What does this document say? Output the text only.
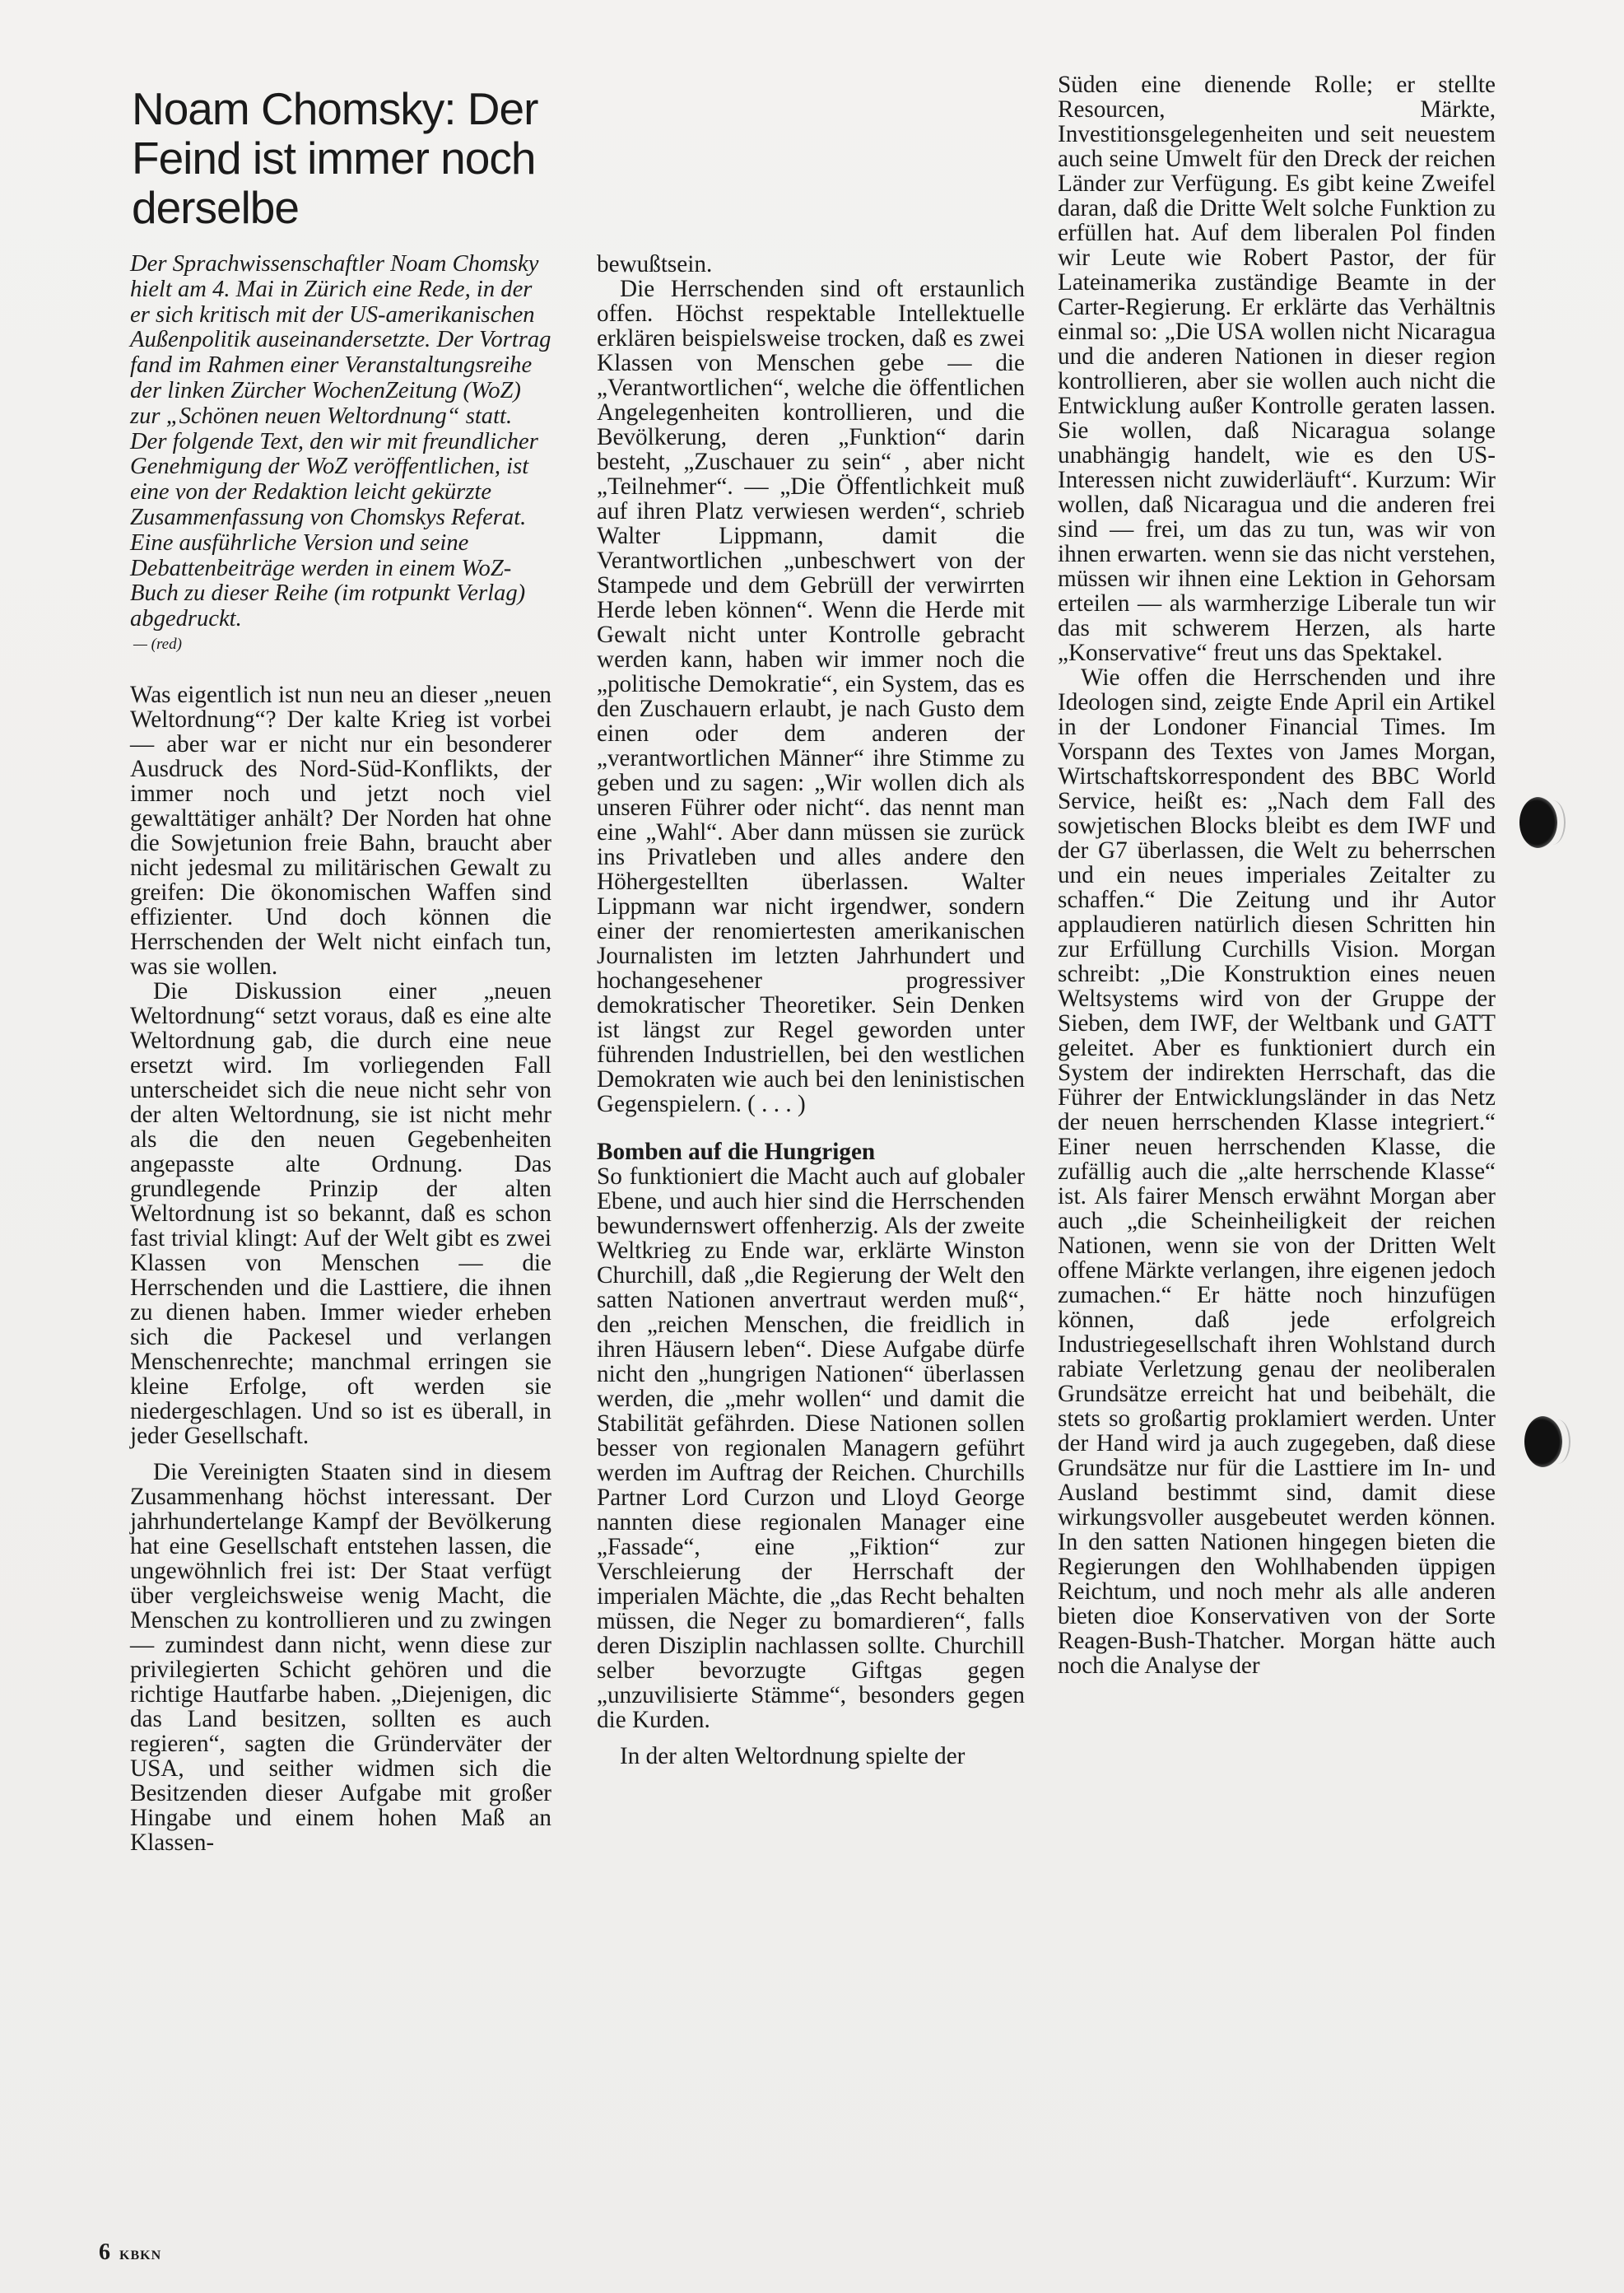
Noam Chomsky: Der Feind ist immer noch derselbe

Der Sprachwissenschaftler Noam Chomsky hielt am 4. Mai in Zürich eine Rede, in der er sich kritisch mit der US-amerikanischen Außenpolitik auseinandersetzte. Der Vortrag fand im Rahmen einer Veranstaltungsreihe der linken Zürcher WochenZeitung (WoZ) zur „Schönen neuen Weltordnung“ statt. Der folgende Text, den wir mit freundlicher Genehmigung der WoZ veröffentlichen, ist eine von der Redaktion leicht gekürzte Zusammenfassung von Chomskys Referat. Eine ausführliche Version und seine Debattenbeiträge werden in einem WoZ-Buch zu dieser Reihe (im rotpunkt Verlag) abgedruckt.
— (red)

Was eigentlich ist nun neu an dieser „neuen Weltordnung“? Der kalte Krieg ist vorbei — aber war er nicht nur ein besonderer Ausdruck des Nord-Süd-Konflikts, der immer noch und jetzt noch viel gewalttätiger anhält? Der Norden hat ohne die Sowjetunion freie Bahn, braucht aber nicht jedesmal zu militärischen Gewalt zu greifen: Die ökonomischen Waffen sind effizienter. Und doch können die Herrschenden der Welt nicht einfach tun, was sie wollen.

Die Diskussion einer „neuen Weltordnung“ setzt voraus, daß es eine alte Weltordnung gab, die durch eine neue ersetzt wird. Im vorliegenden Fall unterscheidet sich die neue nicht sehr von der alten Weltordnung, sie ist nicht mehr als die den neuen Gegebenheiten angepasste alte Ordnung. Das grundlegende Prinzip der alten Weltordnung ist so bekannt, daß es schon fast trivial klingt: Auf der Welt gibt es zwei Klassen von Menschen — die Herrschenden und die Lasttiere, die ihnen zu dienen haben. Immer wieder erheben sich die Packesel und verlangen Menschenrechte; manchmal erringen sie kleine Erfolge, oft werden sie niedergeschlagen. Und so ist es überall, in jeder Gesellschaft.

Die Vereinigten Staaten sind in diesem Zusammenhang höchst interessant. Der jahrhundertelange Kampf der Bevölkerung hat eine Gesellschaft entstehen lassen, die ungewöhnlich frei ist: Der Staat verfügt über vergleichsweise wenig Macht, die Menschen zu kontrollieren und zu zwingen — zumindest dann nicht, wenn diese zur privilegierten Schicht gehören und die richtige Hautfarbe haben. „Diejenigen, dic das Land besitzen, sollten es auch regieren“, sagten die Gründerväter der USA, und seither widmen sich die Besitzenden dieser Aufgabe mit großer Hingabe und einem hohen Maß an Klassen-

bewußtsein.

Die Herrschenden sind oft erstaunlich offen. Höchst respektable Intellektuelle erklären beispielsweise trocken, daß es zwei Klassen von Menschen gebe — die „Verantwortlichen“, welche die öffentlichen Angelegenheiten kontrollieren, und die Bevölkerung, deren „Funktion“ darin besteht, „Zuschauer zu sein“ , aber nicht „Teilnehmer“. — „Die Öffentlichkeit muß auf ihren Platz verwiesen werden“, schrieb Walter Lippmann, damit die Verantwortlichen „unbeschwert von der Stampede und dem Gebrüll der verwirrten Herde leben können“. Wenn die Herde mit Gewalt nicht unter Kontrolle gebracht werden kann, haben wir immer noch die „politische Demokratie“, ein System, das es den Zuschauern erlaubt, je nach Gusto dem einen oder dem anderen der „verantwortlichen Männer“ ihre Stimme zu geben und zu sagen: „Wir wollen dich als unseren Führer oder nicht“. das nennt man eine „Wahl“. Aber dann müssen sie zurück ins Privatleben und alles andere den Höhergestellten überlassen. Walter Lippmann war nicht irgendwer, sondern einer der renomiertesten amerikanischen Journalisten im letzten Jahrhundert und hochangesehener progressiver demokratischer Theoretiker. Sein Denken ist längst zur Regel geworden unter führenden Industriellen, bei den westlichen Demokraten wie auch bei den leninistischen Gegenspielern. ( . . . )

Bomben auf die Hungrigen

So funktioniert die Macht auch auf globaler Ebene, und auch hier sind die Herrschenden bewundernswert offenherzig. Als der zweite Weltkrieg zu Ende war, erklärte Winston Churchill, daß „die Regierung der Welt den satten Nationen anvertraut werden muß“, den „reichen Menschen, die freidlich in ihren Häusern leben“. Diese Aufgabe dürfe nicht den „hungrigen Nationen“ überlassen werden, die „mehr wollen“ und damit die Stabilität gefährden. Diese Nationen sollen besser von regionalen Managern geführt werden im Auftrag der Reichen. Churchills Partner Lord Curzon und Lloyd George nannten diese regionalen Manager eine „Fassade“, eine „Fiktion“ zur Verschleierung der Herrschaft der imperialen Mächte, die „das Recht behalten müssen, die Neger zu bomardieren“, falls deren Disziplin nachlassen sollte. Churchill selber bevorzugte Giftgas gegen „unzuvilisierte Stämme“, besonders gegen die Kurden.

In der alten Weltordnung spielte der

Süden eine dienende Rolle; er stellte Resourcen, Märkte, Investitionsgelegenheiten und seit neuestem auch seine Umwelt für den Dreck der reichen Länder zur Verfügung. Es gibt keine Zweifel daran, daß die Dritte Welt solche Funktion zu erfüllen hat. Auf dem liberalen Pol finden wir Leute wie Robert Pastor, der für Lateinamerika zuständige Beamte in der Carter-Regierung. Er erklärte das Verhältnis einmal so: „Die USA wollen nicht Nicaragua und die anderen Nationen in dieser region kontrollieren, aber sie wollen auch nicht die Entwicklung außer Kontrolle geraten lassen. Sie wollen, daß Nicaragua solange unabhängig handelt, wie es den US-Interessen nicht zuwiderläuft“. Kurzum: Wir wollen, daß Nicaragua und die anderen frei sind — frei, um das zu tun, was wir von ihnen erwarten. wenn sie das nicht verstehen, müssen wir ihnen eine Lektion in Gehorsam erteilen — als warmherzige Liberale tun wir das mit schwerem Herzen, als harte „Konservative“ freut uns das Spektakel.

Wie offen die Herrschenden und ihre Ideologen sind, zeigte Ende April ein Artikel in der Londoner Financial Times. Im Vorspann des Textes von James Morgan, Wirtschaftskorrespondent des BBC World Service, heißt es: „Nach dem Fall des sowjetischen Blocks bleibt es dem IWF und der G7 überlassen, die Welt zu beherrschen und ein neues imperiales Zeitalter zu schaffen.“ Die Zeitung und ihr Autor applaudieren natürlich diesen Schritten hin zur Erfüllung Curchills Vision. Morgan schreibt: „Die Konstruktion eines neuen Weltsystems wird von der Gruppe der Sieben, dem IWF, der Weltbank und GATT geleitet. Aber es funktioniert durch ein System der indirekten Herrschaft, das die Führer der Entwicklungsländer in das Netz der neuen herrschenden Klasse integriert.“ Einer neuen herrschenden Klasse, die zufällig auch die „alte herrschende Klasse“ ist. Als fairer Mensch erwähnt Morgan aber auch „die Scheinheiligkeit der reichen Nationen, wenn sie von der Dritten Welt offene Märkte verlangen, ihre eigenen jedoch zumachen.“ Er hätte noch hinzufügen können, daß jede erfolgreich Industriegesellschaft ihren Wohlstand durch rabiate Verletzung genau der neoliberalen Grundsätze erreicht hat und beibehält, die stets so großartig proklamiert werden. Unter der Hand wird ja auch zugegeben, daß diese Grundsätze nur für die Lasttiere im In- und Ausland bestimmt sind, damit diese wirkungsvoller ausgebeutet werden können. In den satten Nationen hingegen bieten die Regierungen den Wohlhabenden üppigen Reichtum, und noch mehr als alle anderen bieten dioe Konservativen von der Sorte Reagen-Bush-Thatcher. Morgan hätte auch noch die Analyse der

6 KBKN
